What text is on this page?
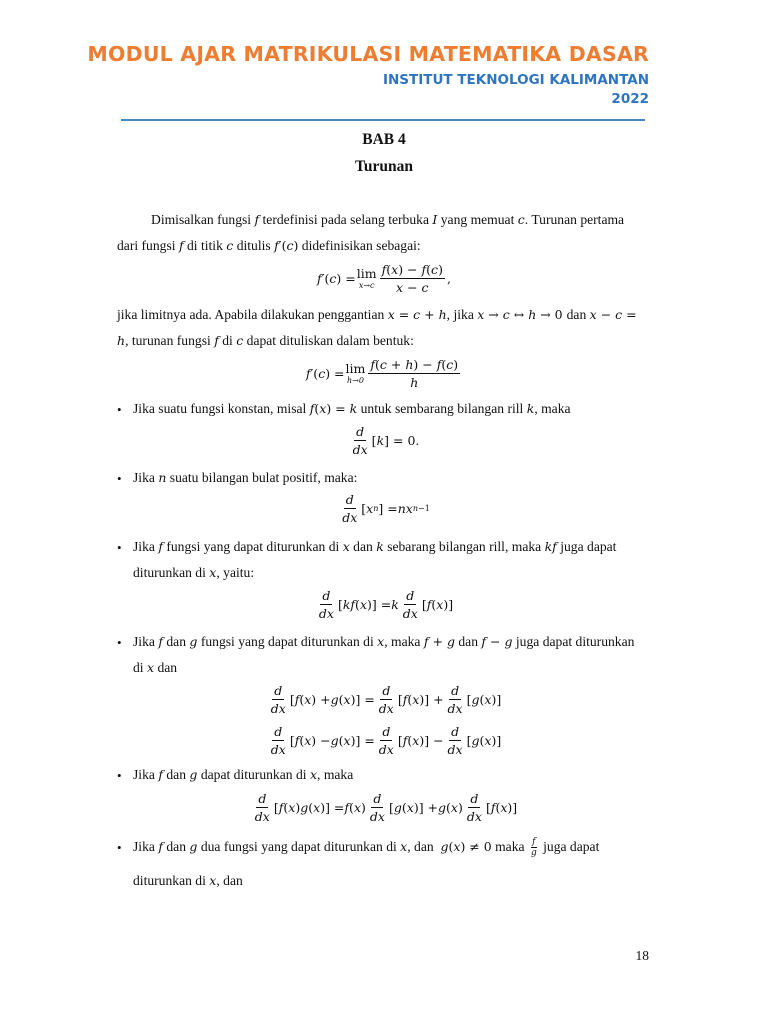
MODUL AJAR MATRIKULASI MATEMATIKA DASAR
INSTITUT TEKNOLOGI KALIMANTAN
2022
BAB 4
Turunan
Dimisalkan fungsi f terdefinisi pada selang terbuka I yang memuat c. Turunan pertama
dari fungsi f di titik c ditulis f′(c) didefinisikan sebagai:
f ′( c ) = lim
$x\to c \frac{f(x) - f(c)}{x - c}$ ,
jika limitnya ada. Apabila dilakukan penggantian x = c + h, jika x → c ↔ h → 0 dan x − c =
h, turunan fungsi f di c dapat dituliskan dalam bentuk:
f ′( c ) = lim
$h\to 0 \frac{f(c + h) - f(c)}{h}$
• Jika suatu fungsi konstan, misal f(x) = k untuk sembarang bilangan rill k, maka
$\frac{d}{dx}$ [ k ] = 0.
• Jika n suatu bilangan bulat positif, maka:
$\frac{d}{dx}$ [ x n ] = nx n−1
• Jika f fungsi yang dapat diturunkan di x dan k sebarang bilangan rill, maka kf juga dapat
diturunkan di x, yaitu:
$\frac{d}{dx}$ [ kf ( x )] = k $\frac{d}{dx}$ [ f ( x )]
• Jika f dan g fungsi yang dapat diturunkan di x, maka f + g dan f − g juga dapat diturunkan
di x dan
$\frac{d}{dx}$ [ f ( x ) + g ( x )] = $\frac{d}{dx}$ [ f ( x )] + $\frac{d}{dx}$ [ g ( x )]
$\frac{d}{dx}$ [ f ( x ) − g ( x )] = $\frac{d}{dx}$ [ f ( x )] − $\frac{d}{dx}$ [ g ( x )]
• Jika f dan g dapat diturunkan di x, maka
$\frac{d}{dx}$ [ f ( x ) g ( x )] = f ( x ) $\frac{d}{dx}$ [ g ( x )] + g ( x ) $\frac{d}{dx}$ [ f ( x )]
• Jika f dan g dua fungsi yang dapat diturunkan di x, dan g(x) ≠ 0 maka $\frac{f}{g}$ juga dapat
diturunkan di x, dan
18
